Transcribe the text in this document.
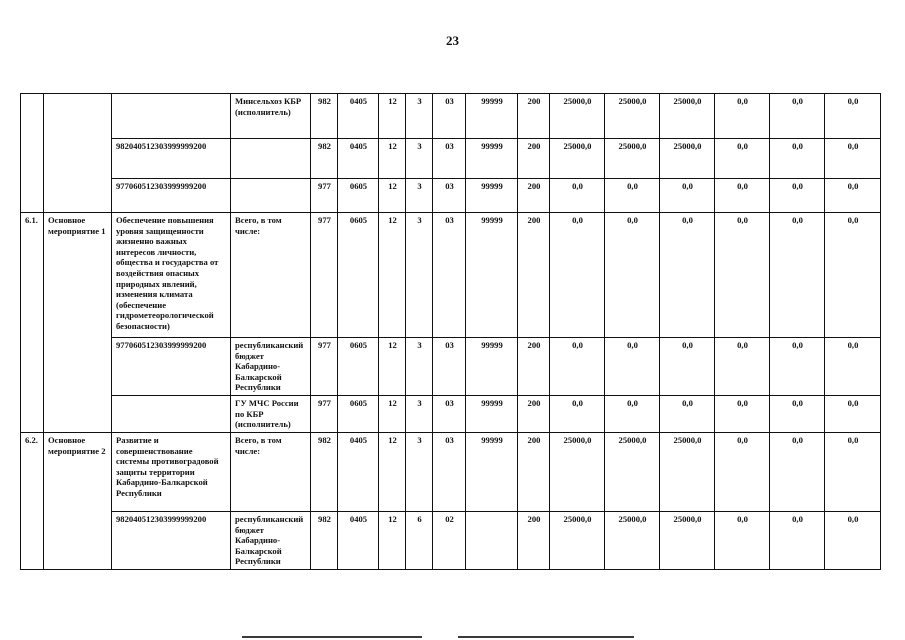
23
			Минсельхоз КБР (исполнитель)	982	0405	12	3	03	99999	200	25000,0	25000,0	25000,0	0,0	0,0	0,0
		982040512303999999200		982	0405	12	3	03	99999	200	25000,0	25000,0	25000,0	0,0	0,0	0,0
		977060512303999999200		977	0605	12	3	03	99999	200	0,0	0,0	0,0	0,0	0,0	0,0
6.1.	Основное мероприятие 1	Обеспечение повышения уровня защищенности жизненно важных интересов личности, общества и государства от воздействия опасных природных явлений, изменения климата (обеспечение гидрометеорологической безопасности)	Всего, в том числе:	977	0605	12	3	03	99999	200	0,0	0,0	0,0	0,0	0,0	0,0
		977060512303999999200	республиканский бюджет Кабардино-Балкарской Республики	977	0605	12	3	03	99999	200	0,0	0,0	0,0	0,0	0,0	0,0
			ГУ МЧС России по КБР (исполнитель)	977	0605	12	3	03	99999	200	0,0	0,0	0,0	0,0	0,0	0,0
6.2.	Основное мероприятие 2	Развитие и совершенствование системы противоградовой защиты территории Кабардино-Балкарской Республики	Всего, в том числе:	982	0405	12	3	03	99999	200	25000,0	25000,0	25000,0	0,0	0,0	0,0
		982040512303999999200	республиканский бюджет Кабардино-Балкарской Республики	982	0405	12	6	02		200	25000,0	25000,0	25000,0	0,0	0,0	0,0
